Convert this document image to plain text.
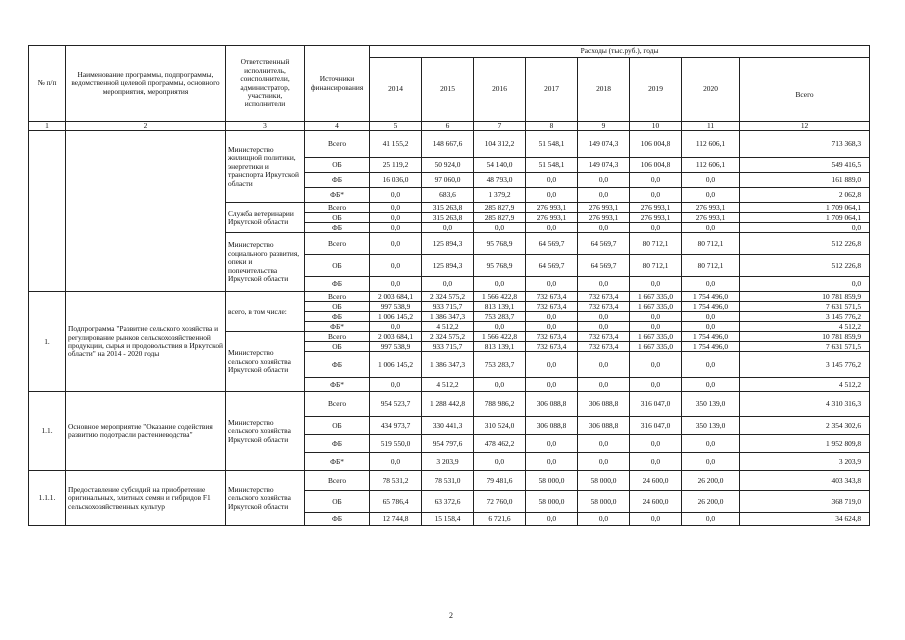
№ п/п	Наименование программы, подпрограммы, ведомственной целевой программы, основного мероприятия, мероприятия	Ответственный исполнитель, соисполнители, администратор, участники, исполнители	Источники финансирования	Расходы (тыс.руб.), годы							
				2014	2015	2016	2017	2018	2019	2020	Всего
1	2	3	4	5	6	7	8	9	10	11	12
		Министерство жилищной политики, энергетики и транспорта Иркутской области	Всего	41 155,2	148 667,6	104 312,2	51 548,1	149 074,3	106 004,8	112 606,1	713 368,3
			ОБ	25 119,2	50 924,0	54 140,0	51 548,1	149 074,3	106 004,8	112 606,1	549 416,5
			ФБ	16 036,0	97 060,0	48 793,0	0,0	0,0	0,0	0,0	161 889,0
			ФБ*	0,0	683,6	1 379,2	0,0	0,0	0,0	0,0	2 062,8
		Служба ветеринарии Иркутской области	Всего	0,0	315 263,8	285 827,9	276 993,1	276 993,1	276 993,1	276 993,1	1 709 064,1
			ОБ	0,0	315 263,8	285 827,9	276 993,1	276 993,1	276 993,1	276 993,1	1 709 064,1
			ФБ	0,0	0,0	0,0	0,0	0,0	0,0	0,0	0,0
		Министерство социального развития, опеки и попечительства Иркутской области	Всего	0,0	125 894,3	95 768,9	64 569,7	64 569,7	80 712,1	80 712,1	512 226,8
			ОБ	0,0	125 894,3	95 768,9	64 569,7	64 569,7	80 712,1	80 712,1	512 226,8
			ФБ	0,0	0,0	0,0	0,0	0,0	0,0	0,0	0,0
1.	Подпрограмма "Развитие сельского хозяйства и регулирование рынков сельскохозяйственной продукции, сырья и продовольствия в Иркутской области" на 2014 - 2020 годы	всего, в том числе:	Всего	2 003 684,1	2 324 575,2	1 566 422,8	732 673,4	732 673,4	1 667 335,0	1 754 496,0	10 781 859,9
			ОБ	997 538,9	933 715,7	813 139,1	732 673,4	732 673,4	1 667 335,0	1 754 496,0	7 631 571,5
			ФБ	1 006 145,2	1 386 347,3	753 283,7	0,0	0,0	0,0	0,0	3 145 776,2
			ФБ*	0,0	4 512,2	0,0	0,0	0,0	0,0	0,0	4 512,2
		Министерство сельского хозяйства Иркутской области	Всего	2 003 684,1	2 324 575,2	1 566 422,8	732 673,4	732 673,4	1 667 335,0	1 754 496,0	10 781 859,9
			ОБ	997 538,9	933 715,7	813 139,1	732 673,4	732 673,4	1 667 335,0	1 754 496,0	7 631 571,5
			ФБ	1 006 145,2	1 386 347,3	753 283,7	0,0	0,0	0,0	0,0	3 145 776,2
			ФБ*	0,0	4 512,2	0,0	0,0	0,0	0,0	0,0	4 512,2
1.1.	Основное мероприятие "Оказание содействия развитию подотрасли растениеводства"	Министерство сельского хозяйства Иркутской области	Всего	954 523,7	1 288 442,8	788 986,2	306 088,8	306 088,8	316 047,0	350 139,0	4 310 316,3
			ОБ	434 973,7	330 441,3	310 524,0	306 088,8	306 088,8	316 047,0	350 139,0	2 354 302,6
			ФБ	519 550,0	954 797,6	478 462,2	0,0	0,0	0,0	0,0	1 952 809,8
			ФБ*	0,0	3 203,9	0,0	0,0	0,0	0,0	0,0	3 203,9
1.1.1.	Предоставление субсидий на приобретение оригинальных, элитных семян и гибридов F1 сельскохозяйственных культур	Министерство сельского хозяйства Иркутской области	Всего	78 531,2	78 531,0	79 481,6	58 000,0	58 000,0	24 600,0	26 200,0	403 343,8
			ОБ	65 786,4	63 372,6	72 760,0	58 000,0	58 000,0	24 600,0	26 200,0	368 719,0
			ФБ	12 744,8	15 158,4	6 721,6	0,0	0,0	0,0	0,0	34 624,8
2
